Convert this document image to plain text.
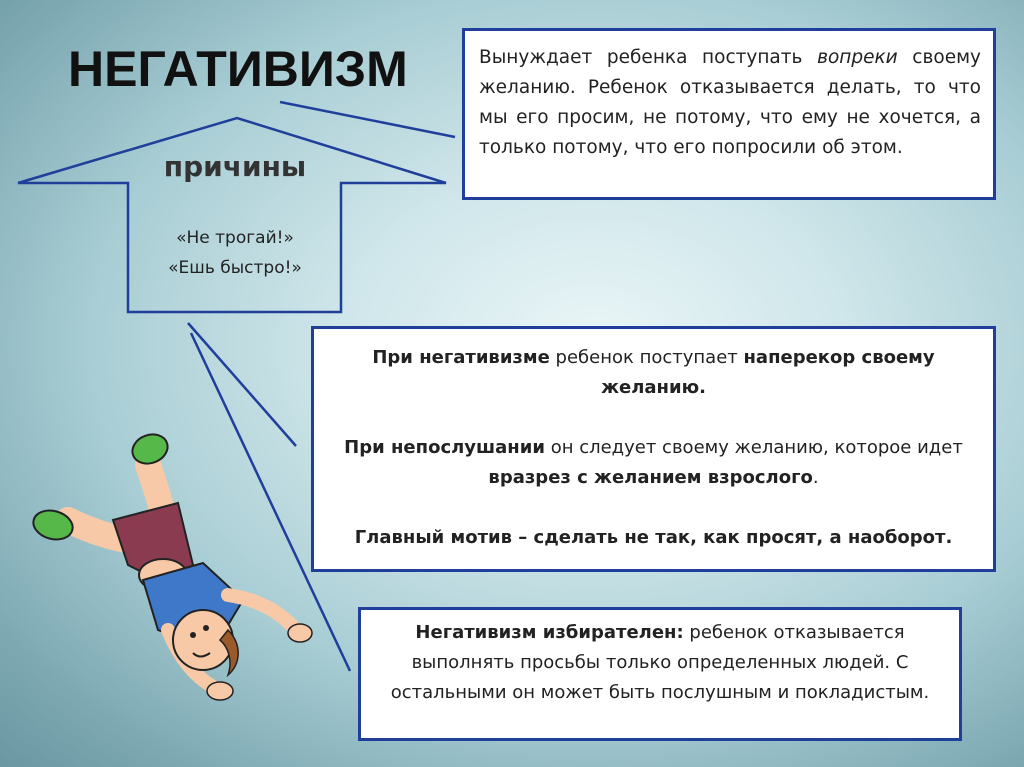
НЕГАТИВИЗМ
причины
«Не трогай!»
«Ешь быстро!»
Вынуждает ребенка поступать вопреки своему желанию. Ребенок отказывается делать, то что мы его просим, не потому, что ему не хочется, а только потому, что его попросили об этом.

При негативизме ребенок поступает наперекор своему желанию.

При непослушании он следует своему желанию, которое идет вразрез с желанием взрослого.

Главный мотив – сделать не так, как просят, а наоборот.

Негативизм избирателен: ребенок отказывается выполнять просьбы только определенных людей. С остальными он может быть послушным и покладистым.
